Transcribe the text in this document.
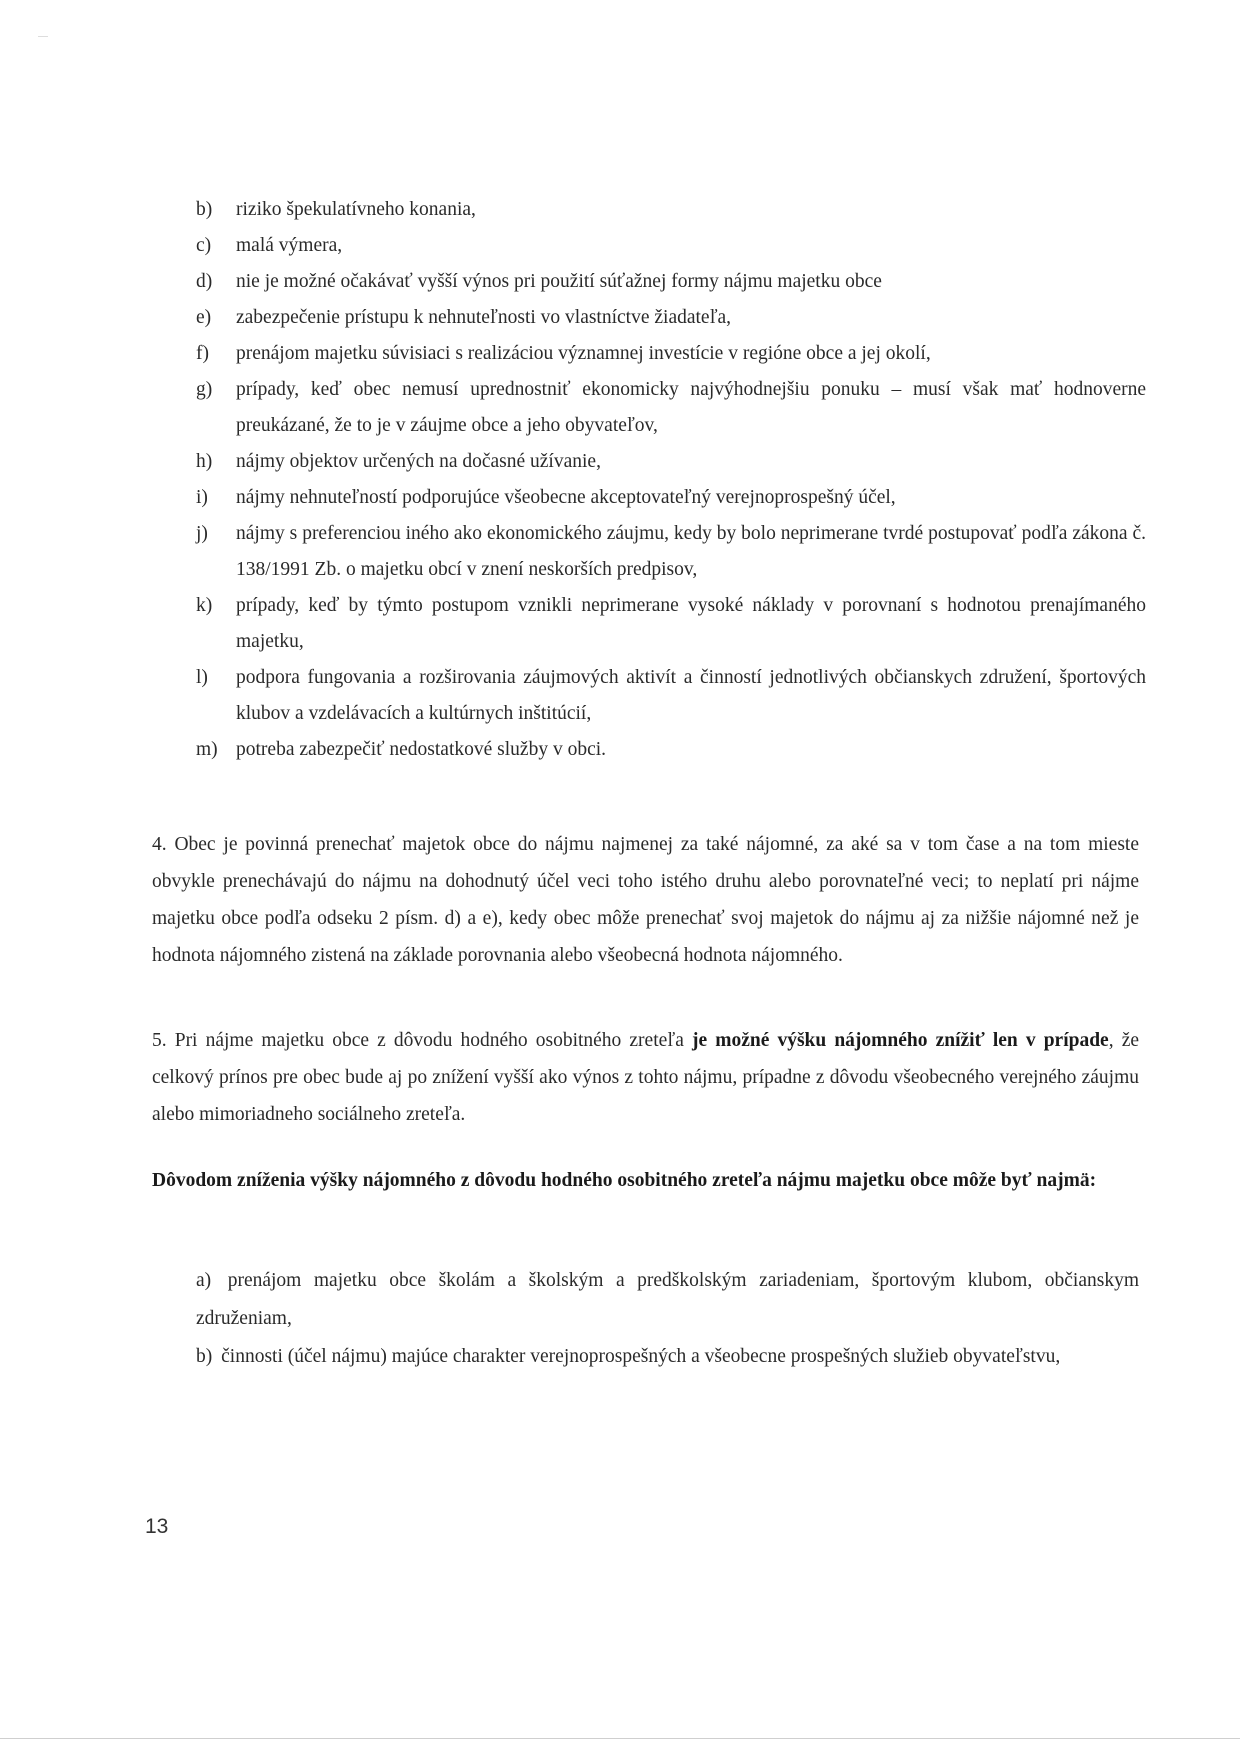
b) riziko špekulatívneho konania,
c) malá výmera,
d) nie je možné očakávať vyšší výnos pri použití súťažnej formy nájmu majetku obce
e) zabezpečenie prístupu k nehnuteľnosti vo vlastníctve žiadateľa,
f) prenájom majetku súvisiaci s realizáciou významnej investície v regióne obce a jej okolí,
g) prípady, keď obec nemusí uprednostniť ekonomicky najvýhodnejšiu ponuku – musí však mať hodnoverne preukázané, že to je v záujme obce a jeho obyvateľov,
h) nájmy objektov určených na dočasné užívanie,
i) nájmy nehnuteľností podporujúce všeobecne akceptovateľný verejnoprospešný účel,
j) nájmy s preferenciou iného ako ekonomického záujmu, kedy by bolo neprimerane tvrdé postupovať podľa zákona č. 138/1991 Zb. o majetku obcí v znení neskorších predpisov,
k) prípady, keď by týmto postupom vznikli neprimerane vysoké náklady v porovnaní s hodnotou prenajímaného majetku,
l) podpora fungovania a rozširovania záujmových aktivít a činností jednotlivých občianskych združení, športových klubov a vzdelávacích a kultúrnych inštitúcií,
m) potreba zabezpečiť nedostatkové služby v obci.
4. Obec je povinná prenechať majetok obce do nájmu najmenej za také nájomné, za aké sa v tom čase a na tom mieste obvykle prenechávajú do nájmu na dohodnutý účel veci toho istého druhu alebo porovnateľné veci; to neplatí pri nájme majetku obce podľa odseku 2 písm. d) a e), kedy obec môže prenechať svoj majetok do nájmu aj za nižšie nájomné než je hodnota nájomného zistená na základe porovnania alebo všeobecná hodnota nájomného.
5. Pri nájme majetku obce z dôvodu hodného osobitného zreteľa je možné výšku nájomného znížiť len v prípade, že celkový prínos pre obec bude aj po znížení vyšší ako výnos z tohto nájmu, prípadne z dôvodu všeobecného verejného záujmu alebo mimoriadneho sociálneho zreteľa.
Dôvodom zníženia výšky nájomného z dôvodu hodného osobitného zreteľa nájmu majetku obce môže byť najmä:
a) prenájom majetku obce školám a školským a predškolským zariadeniam, športovým klubom, občianskym združeniam,
b) činnosti (účel nájmu) majúce charakter verejnoprospešných a všeobecne prospešných služieb obyvateľstvu,
13
